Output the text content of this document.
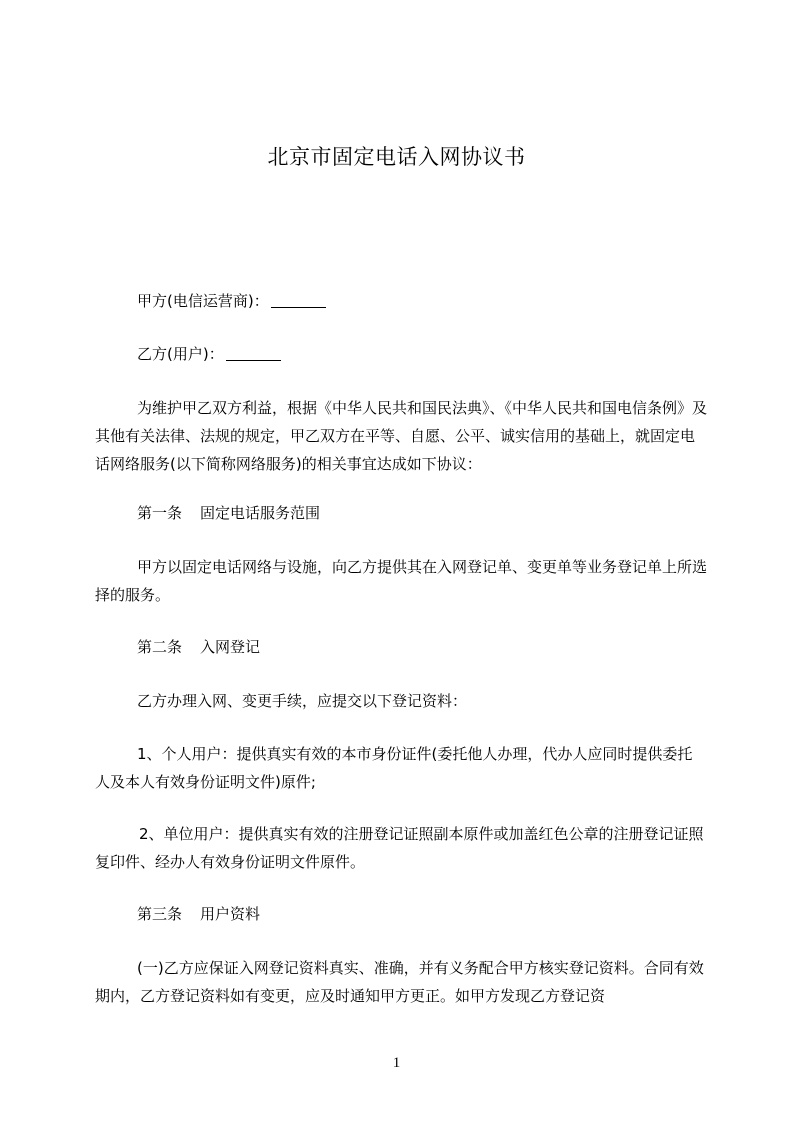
北京市固定电话入网协议书
甲方(电信运营商)：
乙方(用户)：

为维护甲乙双方利益，根据《中华人民共和国民法典》、《中华人民共和国电信条例》及其他有关法律、法规的规定，甲乙双方在平等、自愿、公平、诚实信用的基础上，就固定电话网络服务(以下简称网络服务)的相关事宜达成如下协议：

第一条 固定电话服务范围

甲方以固定电话网络与设施，向乙方提供其在入网登记单、变更单等业务登记单上所选择的服务。

第二条 入网登记

乙方办理入网、变更手续，应提交以下登记资料：

1、个人用户：提供真实有效的本市身份证件(委托他人办理，代办人应同时提供委托人及本人有效身份证明文件)原件;

2、单位用户：提供真实有效的注册登记证照副本原件或加盖红色公章的注册登记证照复印件、经办人有效身份证明文件原件。

第三条 用户资料

(一)乙方应保证入网登记资料真实、准确，并有义务配合甲方核实登记资料。合同有效期内，乙方登记资料如有变更，应及时通知甲方更正。如甲方发现乙方登记资

1
